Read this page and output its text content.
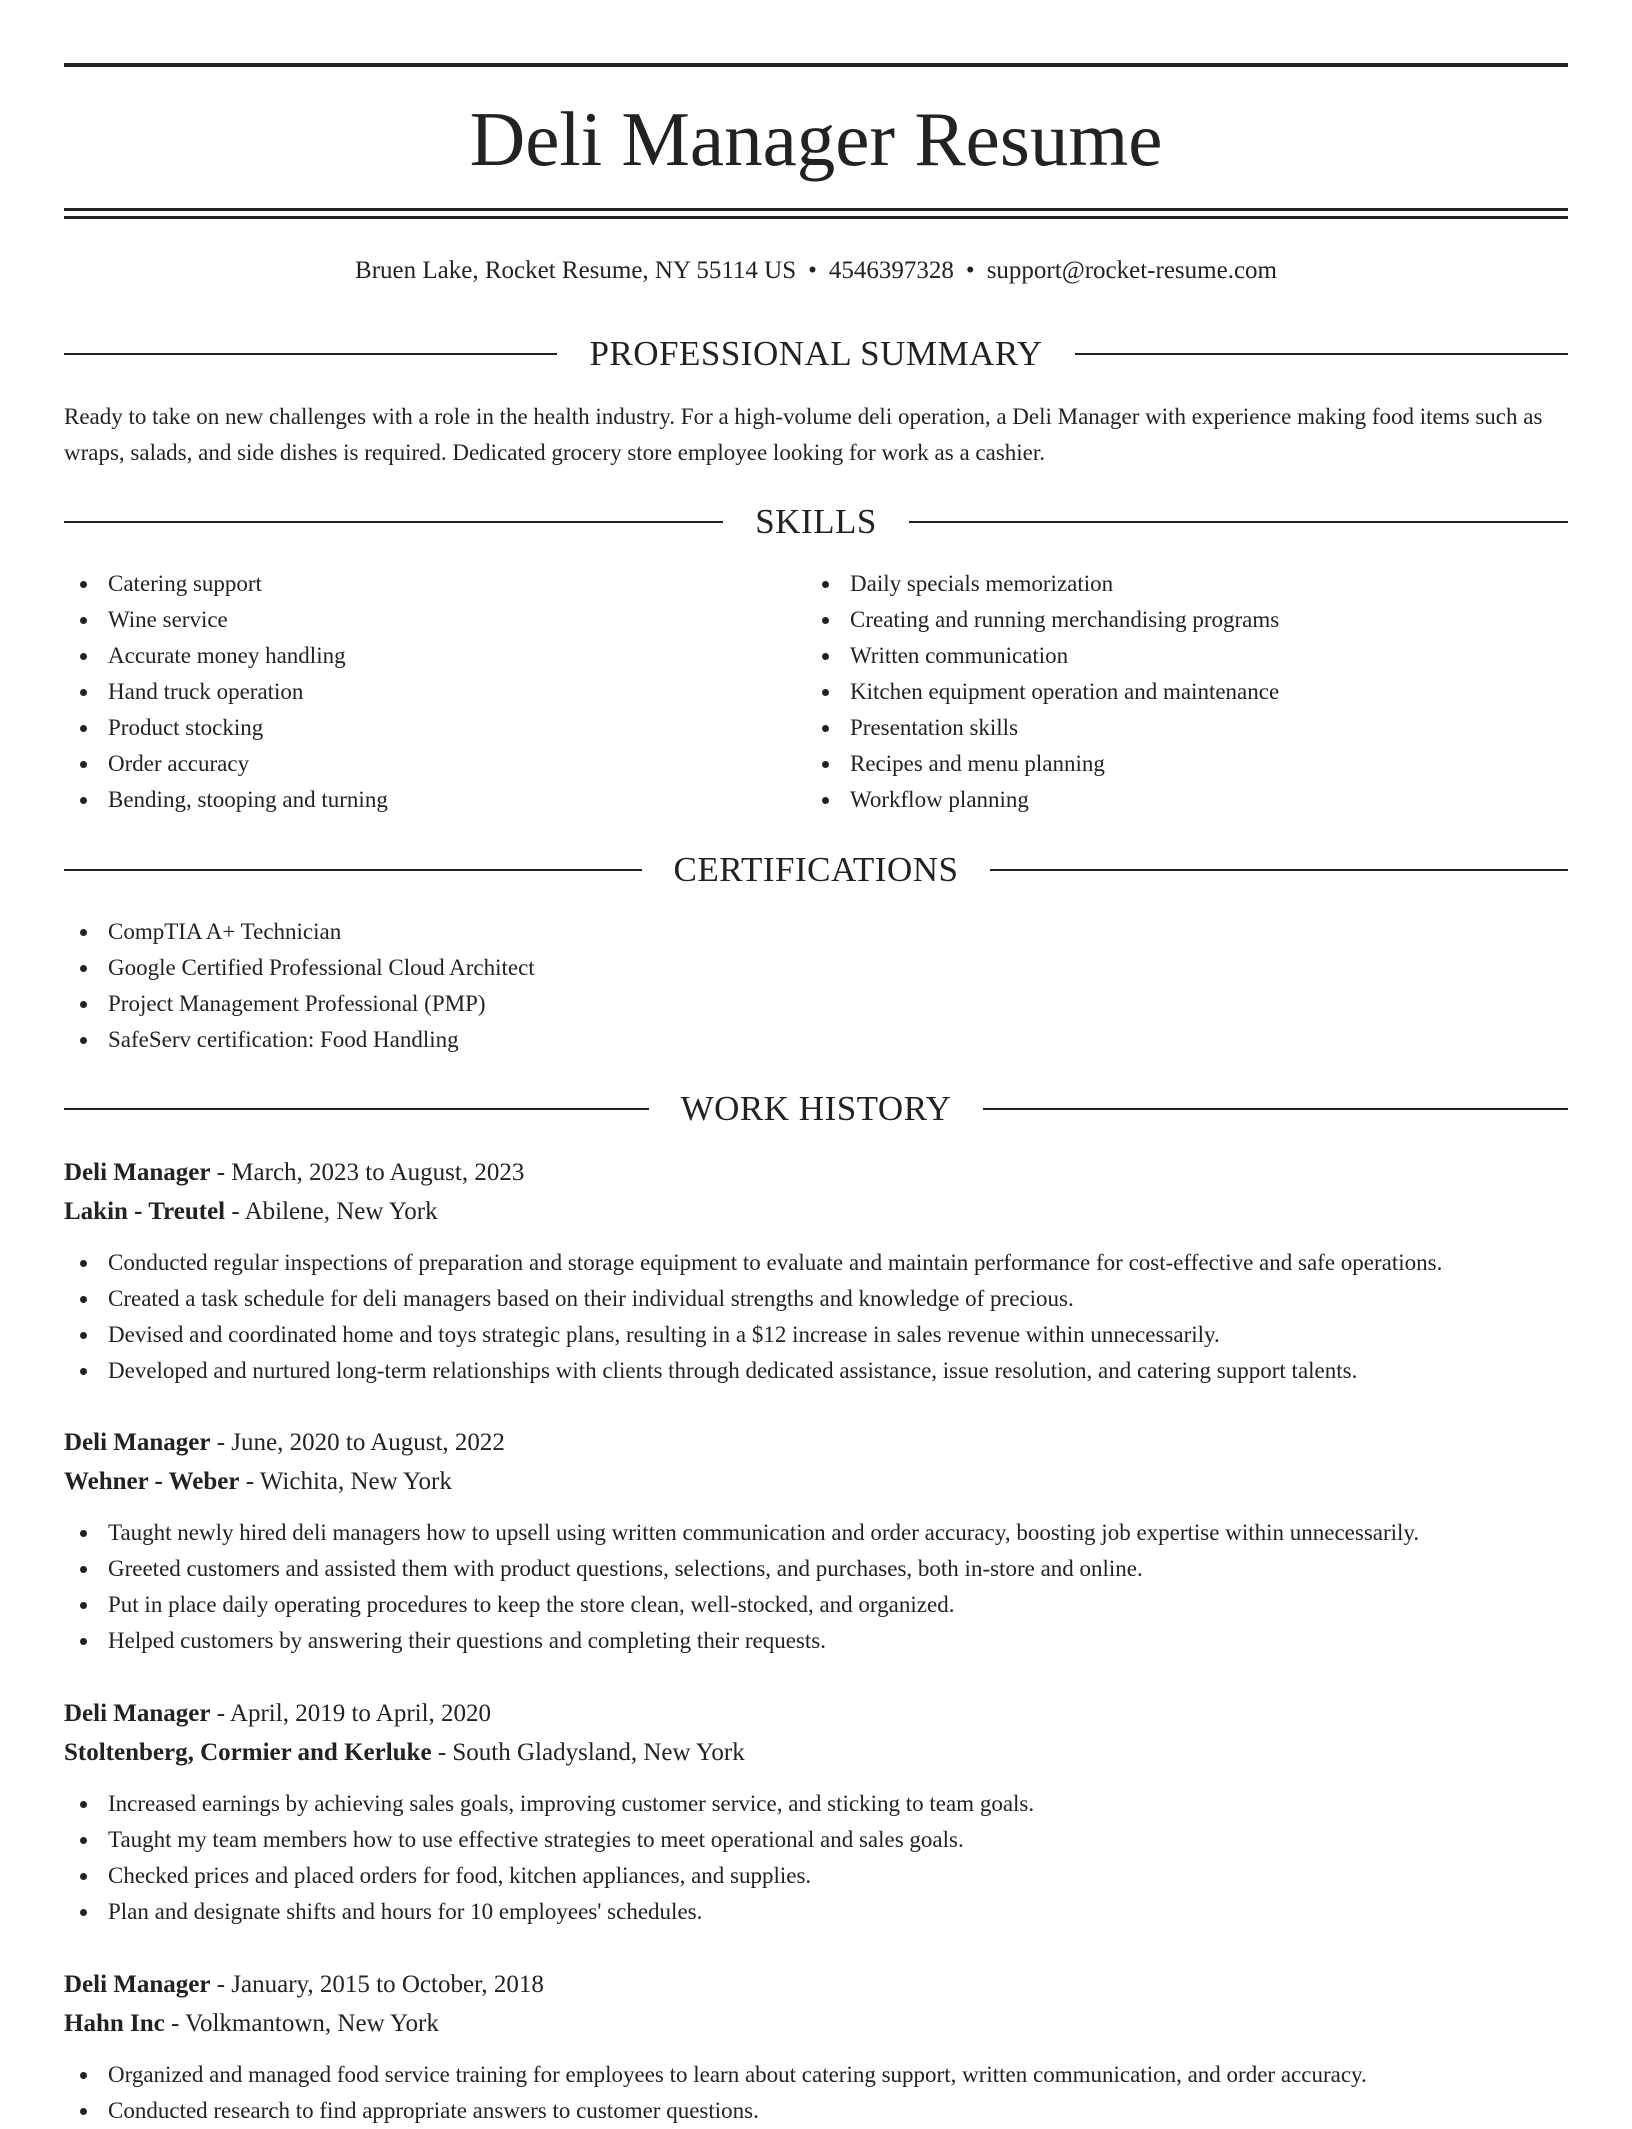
Deli Manager Resume
Bruen Lake, Rocket Resume, NY 55114 US • 4546397328 • support@rocket-resume.com
PROFESSIONAL SUMMARY

Ready to take on new challenges with a role in the health industry. For a high-volume deli operation, a Deli Manager with experience making food items such as wraps, salads, and side dishes is required. Dedicated grocery store employee looking for work as a cashier.

SKILLS
Catering support
Wine service
Accurate money handling
Hand truck operation
Product stocking
Order accuracy
Bending, stooping and turning
Daily specials memorization
Creating and running merchandising programs
Written communication
Kitchen equipment operation and maintenance
Presentation skills
Recipes and menu planning
Workflow planning
CERTIFICATIONS
CompTIA A+ Technician
Google Certified Professional Cloud Architect
Project Management Professional (PMP)
SafeServ certification: Food Handling
WORK HISTORY
Deli Manager - March, 2023 to August, 2023
Lakin - Treutel - Abilene, New York
Conducted regular inspections of preparation and storage equipment to evaluate and maintain performance for cost-effective and safe operations.
Created a task schedule for deli managers based on their individual strengths and knowledge of precious.
Devised and coordinated home and toys strategic plans, resulting in a $12 increase in sales revenue within unnecessarily.
Developed and nurtured long-term relationships with clients through dedicated assistance, issue resolution, and catering support talents.
Deli Manager - June, 2020 to August, 2022
Wehner - Weber - Wichita, New York
Taught newly hired deli managers how to upsell using written communication and order accuracy, boosting job expertise within unnecessarily.
Greeted customers and assisted them with product questions, selections, and purchases, both in-store and online.
Put in place daily operating procedures to keep the store clean, well-stocked, and organized.
Helped customers by answering their questions and completing their requests.
Deli Manager - April, 2019 to April, 2020
Stoltenberg, Cormier and Kerluke - South Gladysland, New York
Increased earnings by achieving sales goals, improving customer service, and sticking to team goals.
Taught my team members how to use effective strategies to meet operational and sales goals.
Checked prices and placed orders for food, kitchen appliances, and supplies.
Plan and designate shifts and hours for 10 employees' schedules.
Deli Manager - January, 2015 to October, 2018
Hahn Inc - Volkmantown, New York
Organized and managed food service training for employees to learn about catering support, written communication, and order accuracy.
Conducted research to find appropriate answers to customer questions.
